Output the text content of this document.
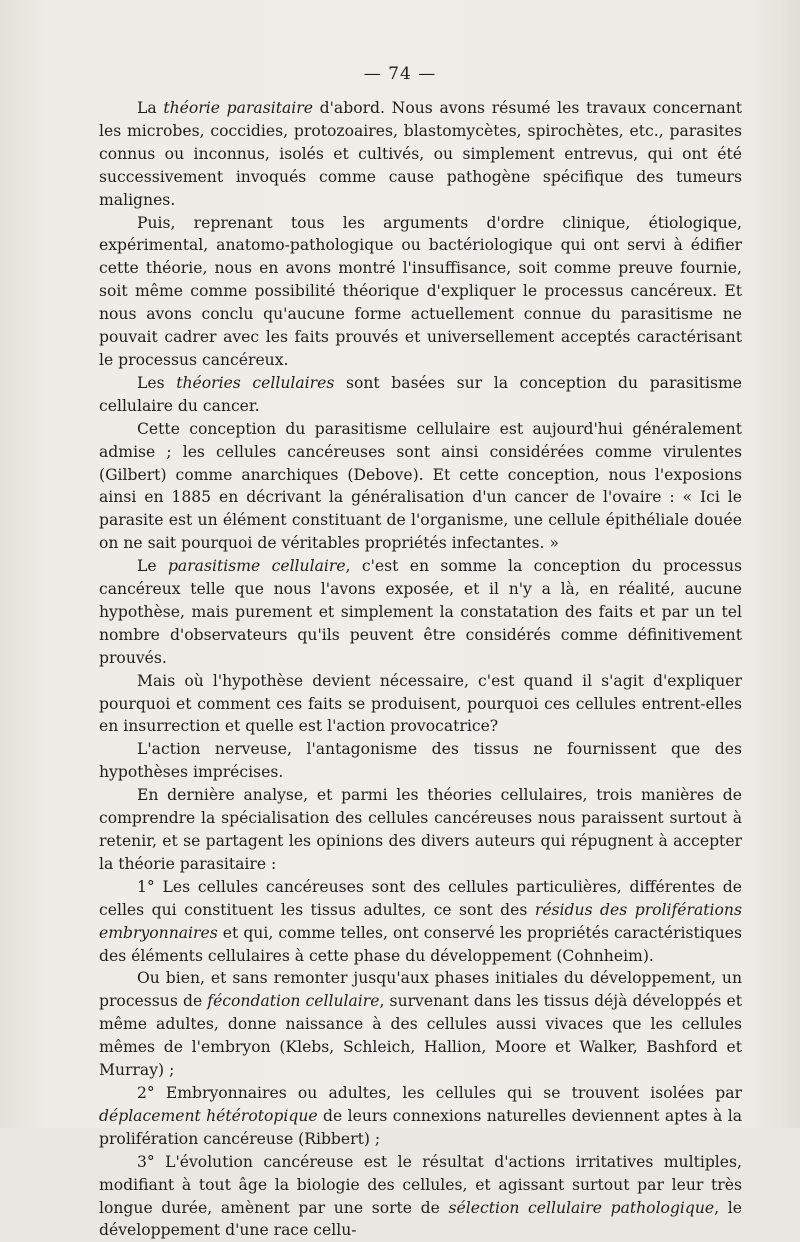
— 74 —

La théorie parasitaire d'abord. Nous avons résumé les travaux concernant les microbes, coccidies, protozoaires, blastomycètes, spirochètes, etc., parasites connus ou inconnus, isolés et cultivés, ou simplement entrevus, qui ont été successivement invoqués comme cause pathogène spécifique des tumeurs malignes.

Puis, reprenant tous les arguments d'ordre clinique, étiologique, expérimental, anatomo-pathologique ou bactériologique qui ont servi à édifier cette théorie, nous en avons montré l'insuffisance, soit comme preuve fournie, soit même comme possibilité théorique d'expliquer le processus cancéreux. Et nous avons conclu qu'aucune forme actuellement connue du parasitisme ne pouvait cadrer avec les faits prouvés et universellement acceptés caractérisant le processus cancéreux.

Les théories cellulaires sont basées sur la conception du parasitisme cellulaire du cancer.

Cette conception du parasitisme cellulaire est aujourd'hui généralement admise ; les cellules cancéreuses sont ainsi considérées comme virulentes (Gilbert) comme anarchiques (Debove). Et cette conception, nous l'exposions ainsi en 1885 en décrivant la généralisation d'un cancer de l'ovaire : « Ici le parasite est un élément constituant de l'organisme, une cellule épithéliale douée on ne sait pourquoi de véritables propriétés infectantes. »

Le parasitisme cellulaire, c'est en somme la conception du processus cancéreux telle que nous l'avons exposée, et il n'y a là, en réalité, aucune hypothèse, mais purement et simplement la constatation des faits et par un tel nombre d'observateurs qu'ils peuvent être considérés comme définitivement prouvés.

Mais où l'hypothèse devient nécessaire, c'est quand il s'agit d'expliquer pourquoi et comment ces faits se produisent, pourquoi ces cellules entrent-elles en insurrection et quelle est l'action provocatrice?

L'action nerveuse, l'antagonisme des tissus ne fournissent que des hypothèses imprécises.

En dernière analyse, et parmi les théories cellulaires, trois manières de comprendre la spécialisation des cellules cancéreuses nous paraissent surtout à retenir, et se partagent les opinions des divers auteurs qui répugnent à accepter la théorie parasitaire :

1° Les cellules cancéreuses sont des cellules particulières, différentes de celles qui constituent les tissus adultes, ce sont des résidus des proliférations embryonnaires et qui, comme telles, ont conservé les propriétés caractéristiques des éléments cellulaires à cette phase du développement (Cohnheim).

Ou bien, et sans remonter jusqu'aux phases initiales du développement, un processus de fécondation cellulaire, survenant dans les tissus déjà développés et même adultes, donne naissance à des cellules aussi vivaces que les cellules mêmes de l'embryon (Klebs, Schleich, Hallion, Moore et Walker, Bashford et Murray) ;

2° Embryonnaires ou adultes, les cellules qui se trouvent isolées par déplacement hétérotopique de leurs connexions naturelles deviennent aptes à la prolifération cancéreuse (Ribbert) ;

3° L'évolution cancéreuse est le résultat d'actions irritatives multiples, modifiant à tout âge la biologie des cellules, et agissant surtout par leur très longue durée, amènent par une sorte de sélection cellulaire pathologique, le développement d'une race cellu-
